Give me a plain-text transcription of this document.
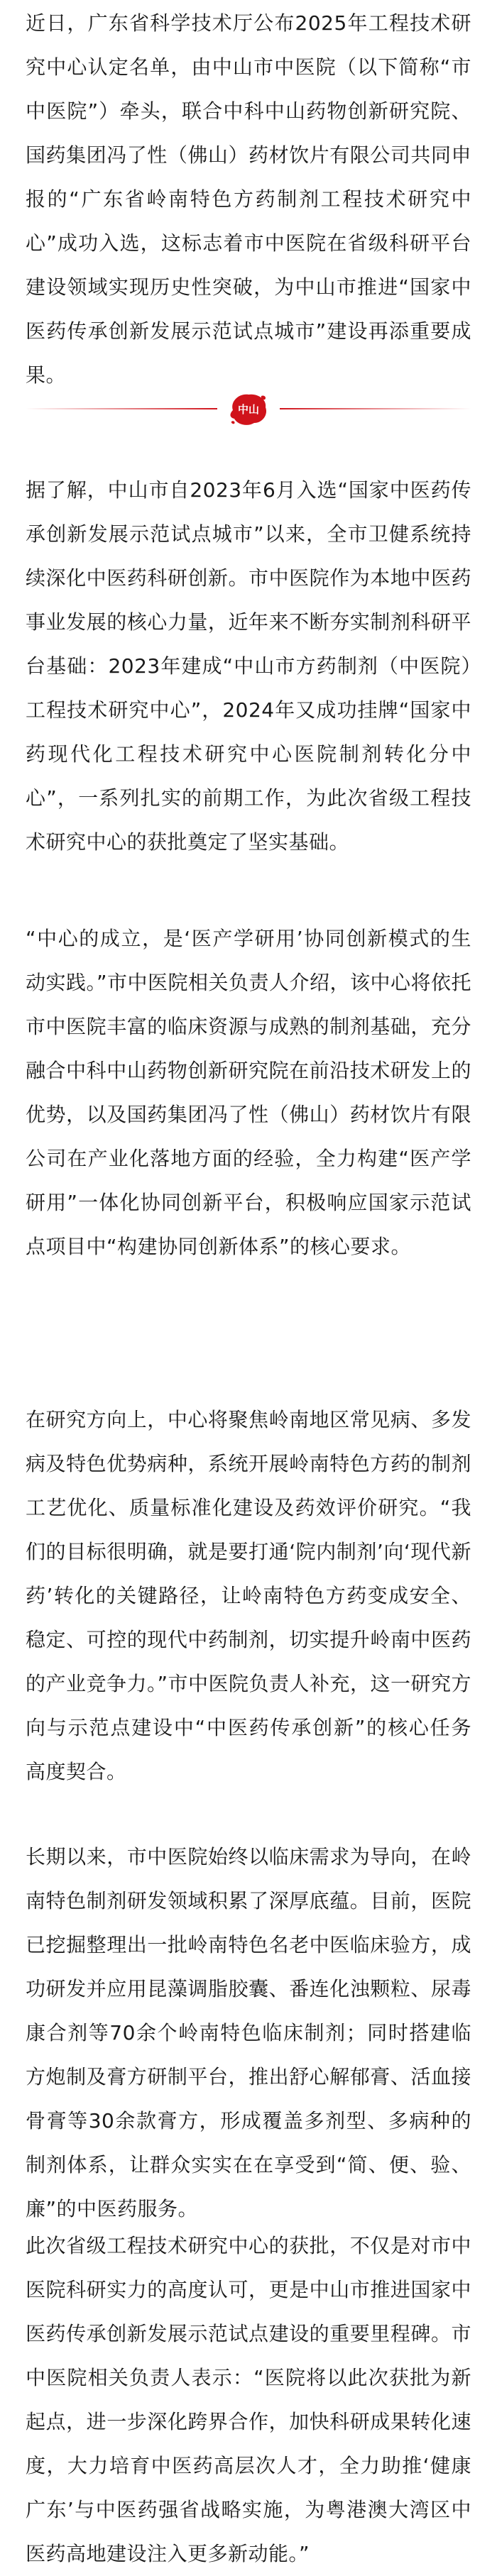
近日，广东省科学技术厅公布2025年工程技术研究中心认定名单，由中山市中医院（以下简称“市中医院”）牵头，联合中科中山药物创新研究院、国药集团冯了性（佛山）药材饮片有限公司共同申报的“广东省岭南特色方药制剂工程技术研究中心”成功入选，这标志着市中医院在省级科研平台建设领域实现历史性突破，为中山市推进“国家中医药传承创新发展示范试点城市”建设再添重要成果。

中山

据了解，中山市自2023年6月入选“国家中医药传承创新发展示范试点城市”以来，全市卫健系统持续深化中医药科研创新。市中医院作为本地中医药事业发展的核心力量，近年来不断夯实制剂科研平台基础：2023年建成“中山市方药制剂（中医院）工程技术研究中心”，2024年又成功挂牌“国家中药现代化工程技术研究中心医院制剂转化分中心”，一系列扎实的前期工作，为此次省级工程技术研究中心的获批奠定了坚实基础。

“中心的成立，是‘医产学研用’协同创新模式的生动实践。”市中医院相关负责人介绍，该中心将依托市中医院丰富的临床资源与成熟的制剂基础，充分融合中科中山药物创新研究院在前沿技术研发上的优势，以及国药集团冯了性（佛山）药材饮片有限公司在产业化落地方面的经验，全力构建“医产学研用”一体化协同创新平台，积极响应国家示范试点项目中“构建协同创新体系”的核心要求。

在研究方向上，中心将聚焦岭南地区常见病、多发病及特色优势病种，系统开展岭南特色方药的制剂工艺优化、质量标准化建设及药效评价研究。“我们的目标很明确，就是要打通‘院内制剂’向‘现代新药’转化的关键路径，让岭南特色方药变成安全、稳定、可控的现代中药制剂，切实提升岭南中医药的产业竞争力。”市中医院负责人补充，这一研究方向与示范点建设中“中医药传承创新”的核心任务高度契合。

长期以来，市中医院始终以临床需求为导向，在岭南特色制剂研发领域积累了深厚底蕴。目前，医院已挖掘整理出一批岭南特色名老中医临床验方，成功研发并应用昆藻调脂胶囊、番连化浊颗粒、尿毒康合剂等70余个岭南特色临床制剂；同时搭建临方炮制及膏方研制平台，推出舒心解郁膏、活血接骨膏等30余款膏方，形成覆盖多剂型、多病种的制剂体系，让群众实实在在享受到“简、便、验、廉”的中医药服务。

此次省级工程技术研究中心的获批，不仅是对市中医院科研实力的高度认可，更是中山市推进国家中医药传承创新发展示范试点建设的重要里程碑。市中医院相关负责人表示：“医院将以此次获批为新起点，进一步深化跨界合作，加快科研成果转化速度，大力培育中医药高层次人才，全力助推‘健康广东’与中医药强省战略实施，为粤港澳大湾区中医药高地建设注入更多新动能。”
